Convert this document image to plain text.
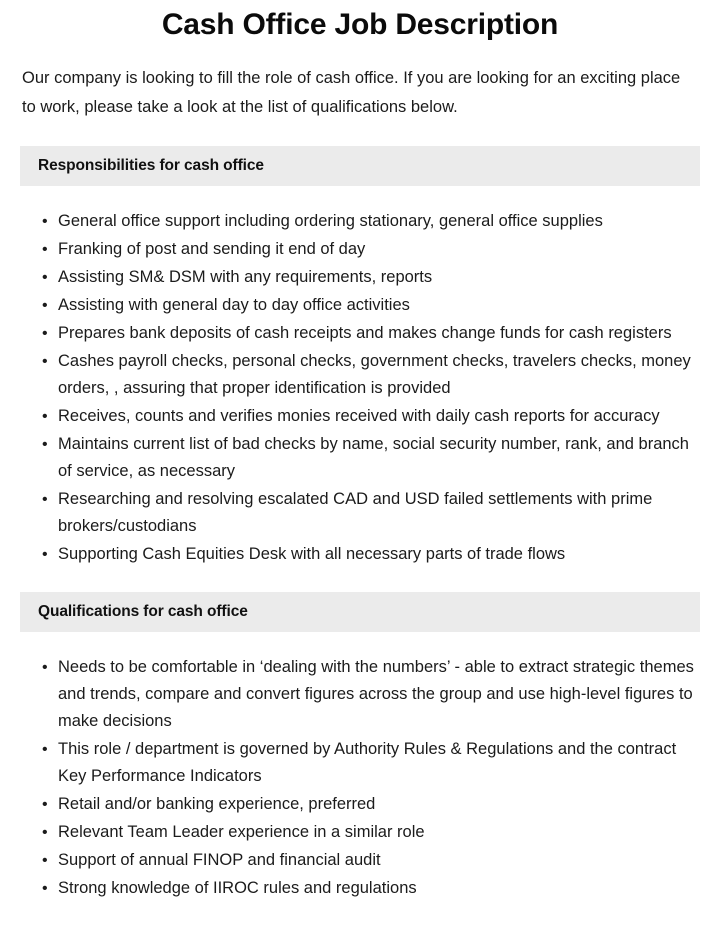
Cash Office Job Description

Our company is looking to fill the role of cash office. If you are looking for an exciting place to work, please take a look at the list of qualifications below.

Responsibilities for cash office
• General office support including ordering stationary, general office supplies
• Franking of post and sending it end of day
• Assisting SM& DSM with any requirements, reports
• Assisting with general day to day office activities
• Prepares bank deposits of cash receipts and makes change funds for cash registers
• Cashes payroll checks, personal checks, government checks, travelers checks, money orders, , assuring that proper identification is provided
• Receives, counts and verifies monies received with daily cash reports for accuracy
• Maintains current list of bad checks by name, social security number, rank, and branch of service, as necessary
• Researching and resolving escalated CAD and USD failed settlements with prime brokers/custodians
• Supporting Cash Equities Desk with all necessary parts of trade flows
Qualifications for cash office
• Needs to be comfortable in ‘dealing with the numbers’ - able to extract strategic themes and trends, compare and convert figures across the group and use high-level figures to make decisions
• This role / department is governed by Authority Rules & Regulations and the contract Key Performance Indicators
• Retail and/or banking experience, preferred
• Relevant Team Leader experience in a similar role
• Support of annual FINOP and financial audit
• Strong knowledge of IIROC rules and regulations
